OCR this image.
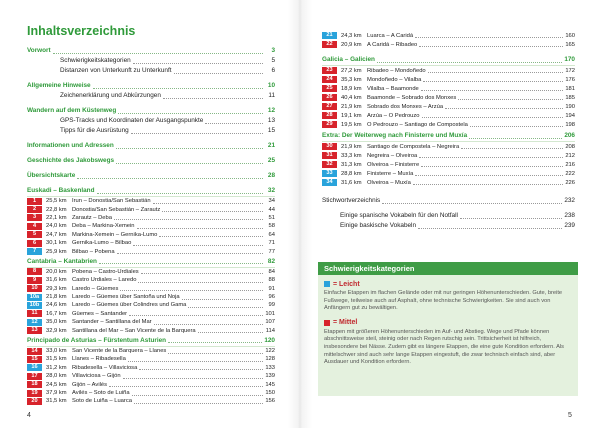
Inhaltsverzeichnis
Vorwort	3
Schwierigkeitskategorien	5
Distanzen von Unterkunft zu Unterkunft	6
Allgemeine Hinweise	10
Zeichenerklärung und Abkürzungen	11
Wandern auf dem Küstenweg	12
GPS-Tracks und Koordinaten der Ausgangspunkte	13
Tipps für die Ausrüstung	15
Informationen und Adressen	21
Geschichte des Jakobswegs	25
Übersichtskarte	28
Euskadi – Baskenland	32
1	25,5 km Irun – Donostia/San Sebastián	34
2	22,8 km Donostia/San Sebastián – Zarautz	44
3	22,1 km Zarautz – Deba	51
4	24,0 km Deba – Markina-Xemein	58
5	24,7 km Markina-Xemein – Gernika-Lumo	64
6	30,1 km Gernika-Lumo – Bilbao	71
7	25,9 km Bilbao – Pobena	77
Cantabria – Kantabrien	82
8	20,0 km Pobena – Castro-Urdiales	84
9	31,6 km Castro Urdiales – Laredo	88
10	29,3 km Laredo – Güemes	91
10a	21,8 km Laredo – Güemes über Santoña und Noja	96
10b	24,6 km Laredo – Güemes über Colindres und Gama	99
11	16,7 km Güemes – Santander	101
12	35,0 km Santander – Santillana del Mar	107
13	32,9 km Santillana del Mar – San Vicente de la Barquera	114
Principado de Asturias – Fürstentum Asturien	120
14	33,0 km San Vicente de la Barquera – Llanes	122
15	31,5 km Llanes – Ribadesella	128
16	31,2 km Ribadesella – Villaviciosa	133
17	28,0 km Villaviciosa – Gijón	139
18	24,5 km Gijón – Avilés	145
19	37,9 km Avilés – Soto de Luiña	150
20	31,5 km Soto de Luiña – Luarca	156
4
21	24,3 km Luarca – A Caridá	160
22	20,9 km A Caridá – Ribadeo	165
Galicia – Galicien	170
23	27,2 km Ribadeo – Mondoñedo	172
24	35,3 km Mondoñedo – Vilalba	176
25	18,9 km Vilalba – Baamonde	181
26	40,4 km Baamonde – Sobrado dos Monxes	185
27	21,9 km Sobrado dos Monxes – Arzúa	190
28	19,1 km Arzúa – O Pedrouzo	194
29	19,5 km O Pedrouzo – Santiago de Compostela	198
Extra: Der Weiterweg nach Finisterre und Muxía	206
30	21,9 km Santiago de Compostela – Negreira	208
31	33,3 km Negreira – Olveiroa	212
32	31,3 km Olveiroa – Finisterre	216
33	28,8 km Finisterre – Muxía	222
34	31,6 km Olveiroa – Muxía	226
Stichwortverzeichnis	232
Einige spanische Vokabeln für den Notfall	238
Einige baskische Vokabeln	239
Schwierigkeitskategorien
= Leicht
Einfache Etappen im flachen Gelände oder mit nur geringen Höhenunterschieden. Gute, breite Fußwege, teilweise auch auf Asphalt, ohne technische Schwierigkeiten. Sie sind auch von Anfängern gut zu bewältigen.
= Mittel
Etappen mit größeren Höhenunterschieden im Auf- und Abstieg. Wege und Pfade können abschnittsweise steil, steinig oder nach Regen rutschig sein. Trittsicherheit ist hilfreich, insbesondere bei Nässe. Zudem gibt es längere Etappen, die eine gute Kondition erfordern. Als mittelschwer sind auch sehr lange Etappen eingestuft, die zwar technisch einfach sind, aber Ausdauer und Kondition erfordern.
5
